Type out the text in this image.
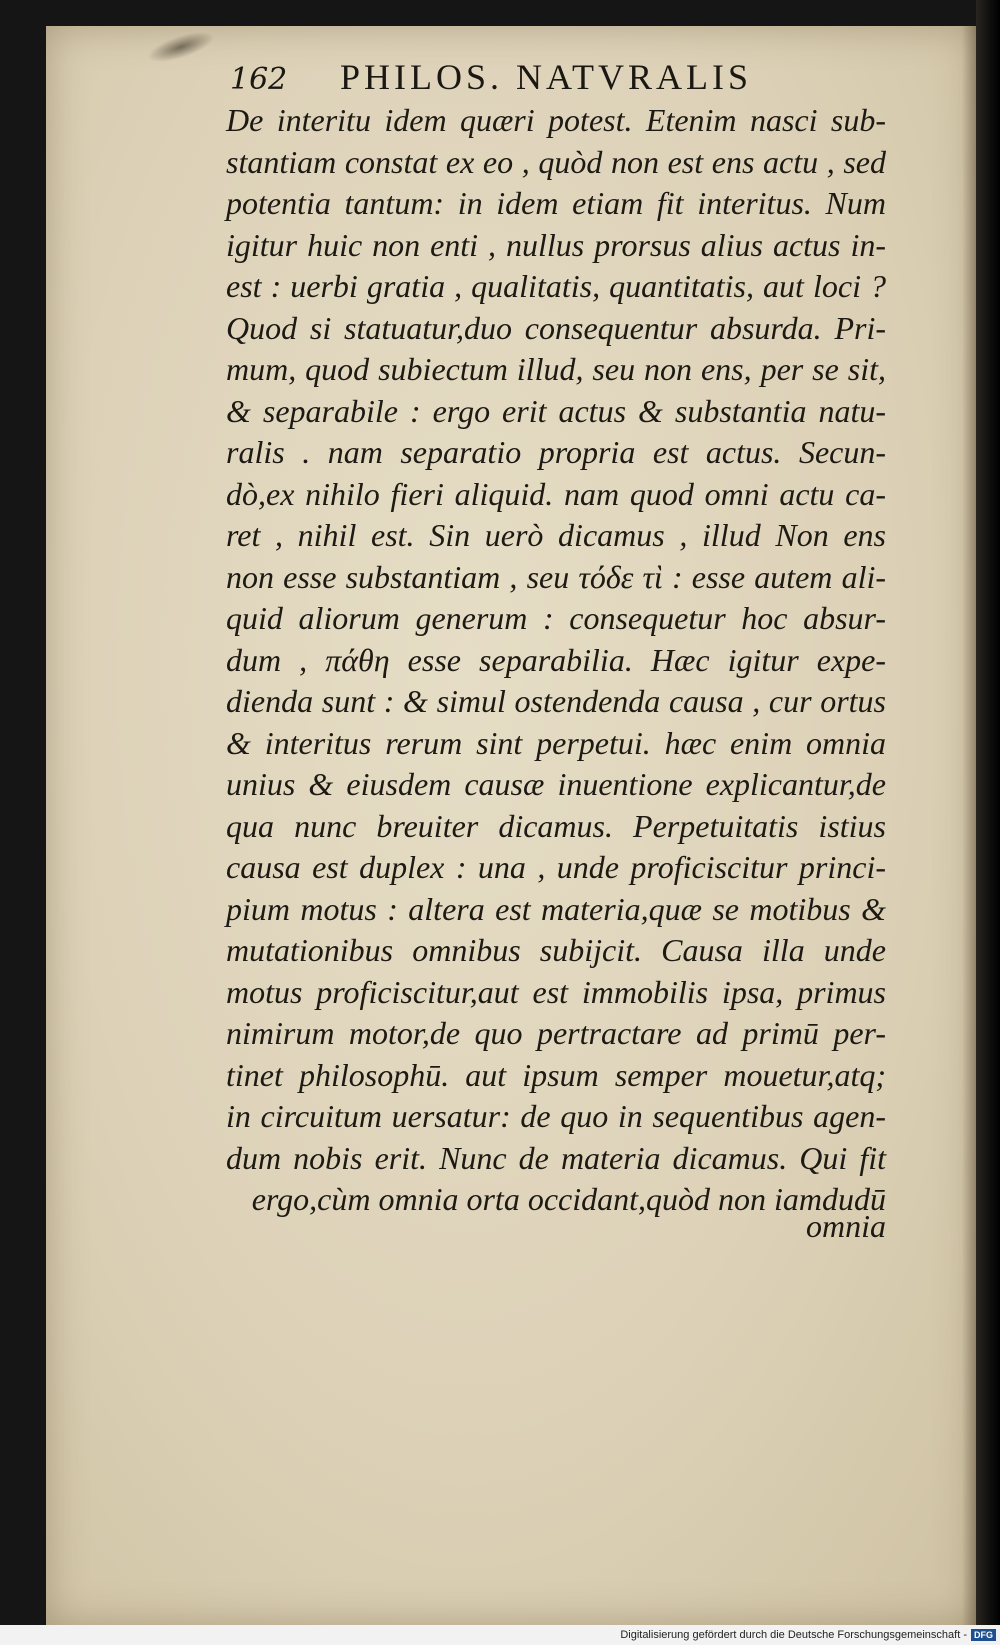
162	PHILOS. NATVRALIS
De interitu idem quæri potest. Etenim nasci sub-
stantiam constat ex eo , quòd non est ens actu , sed
potentia tantum: in idem etiam fit interitus. Num
igitur huic non enti , nullus prorsus alius actus in-
est : uerbi gratia , qualitatis, quantitatis, aut loci ?
Quod si statuatur,duo consequentur absurda. Pri-
mum, quod subiectum illud, seu non ens, per se sit,
& separabile : ergo erit actus & substantia natu-
ralis . nam separatio propria est actus. Secun-
dò,ex nihilo fieri aliquid. nam quod omni actu ca-
ret , nihil est. Sin uerò dicamus , illud Non ens
non esse substantiam , seu τόδε τὶ : esse autem ali-
quid aliorum generum : consequetur hoc absur-
dum , πάθη esse separabilia. Hæc igitur expe-
dienda sunt : & simul ostendenda causa , cur ortus
& interitus rerum sint perpetui. hæc enim omnia
unius & eiusdem causæ inuentione explicantur,de
qua nunc breuiter dicamus. Perpetuitatis istius
causa est duplex : una , unde proficiscitur princi-
pium motus : altera est materia,quæ se motibus &
mutationibus omnibus subijcit. Causa illa unde
motus proficiscitur,aut est immobilis ipsa, primus
nimirum motor,de quo pertractare ad primū per-
tinet philosophū. aut ipsum semper mouetur,atq;
in circuitum uersatur: de quo in sequentibus agen-
dum nobis erit. Nunc de materia dicamus. Qui fit
ergo,cùm omnia orta occidant,quòd non iamdudū
omnia
Digitalisierung gefördert durch die Deutsche Forschungsgemeinschaft - DFG
